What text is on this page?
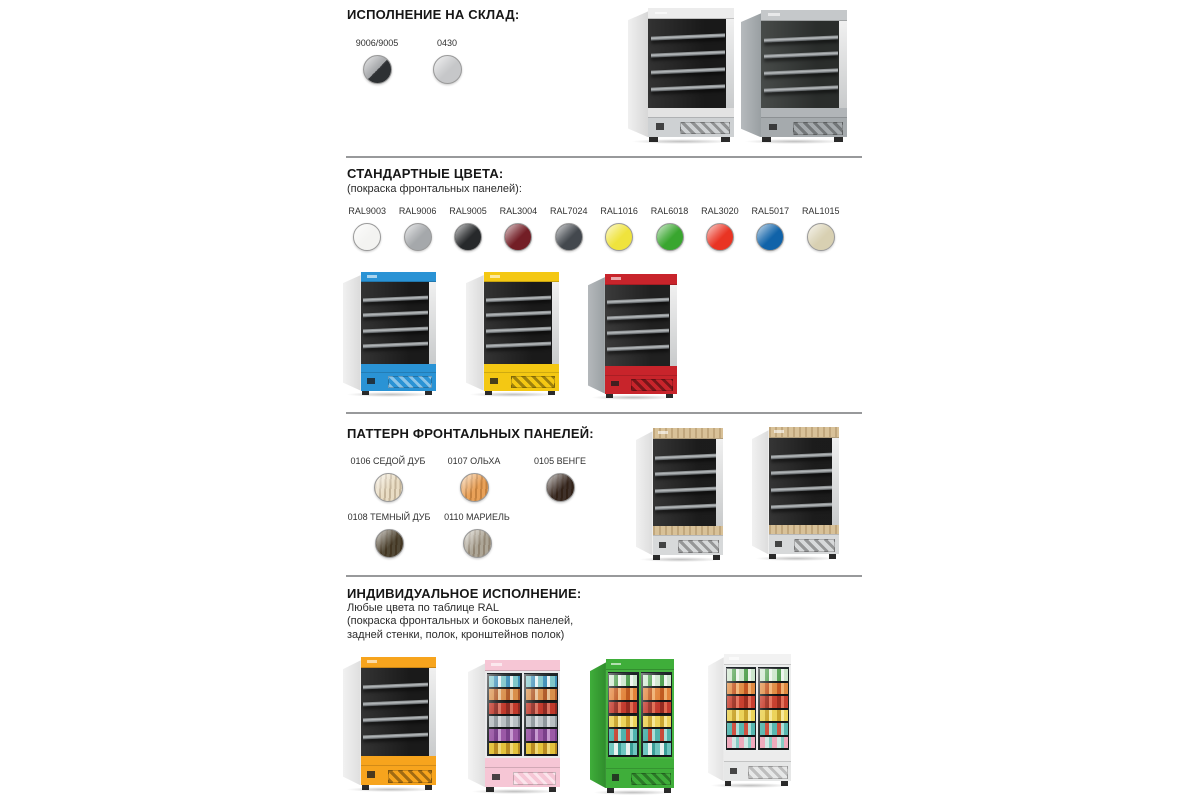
ИСПОЛНЕНИЕ НА СКЛАД:
9006/9005	0430
СТАНДАРТНЫЕ ЦВЕТА:
(покраска фронтальных панелей):
RAL9003 RAL9006 RAL9005 RAL3004 RAL7024 RAL1016 RAL6018 RAL3020 RAL5017 RAL1015
ПАТТЕРН ФРОНТАЛЬНЫХ ПАНЕЛЕЙ:
0106 СЕДОЙ ДУБ 0107 ОЛЬХА	0105 ВЕНГЕ
0108 ТЕМНЫЙ ДУБ 0110 МАРИЕЛЬ
ИНДИВИДУАЛЬНОЕ ИСПОЛНЕНИЕ:
Любые цвета по таблице RAL
(покраска фронтальных и боковых панелей,
задней стенки, полок, кронштейнов полок)
